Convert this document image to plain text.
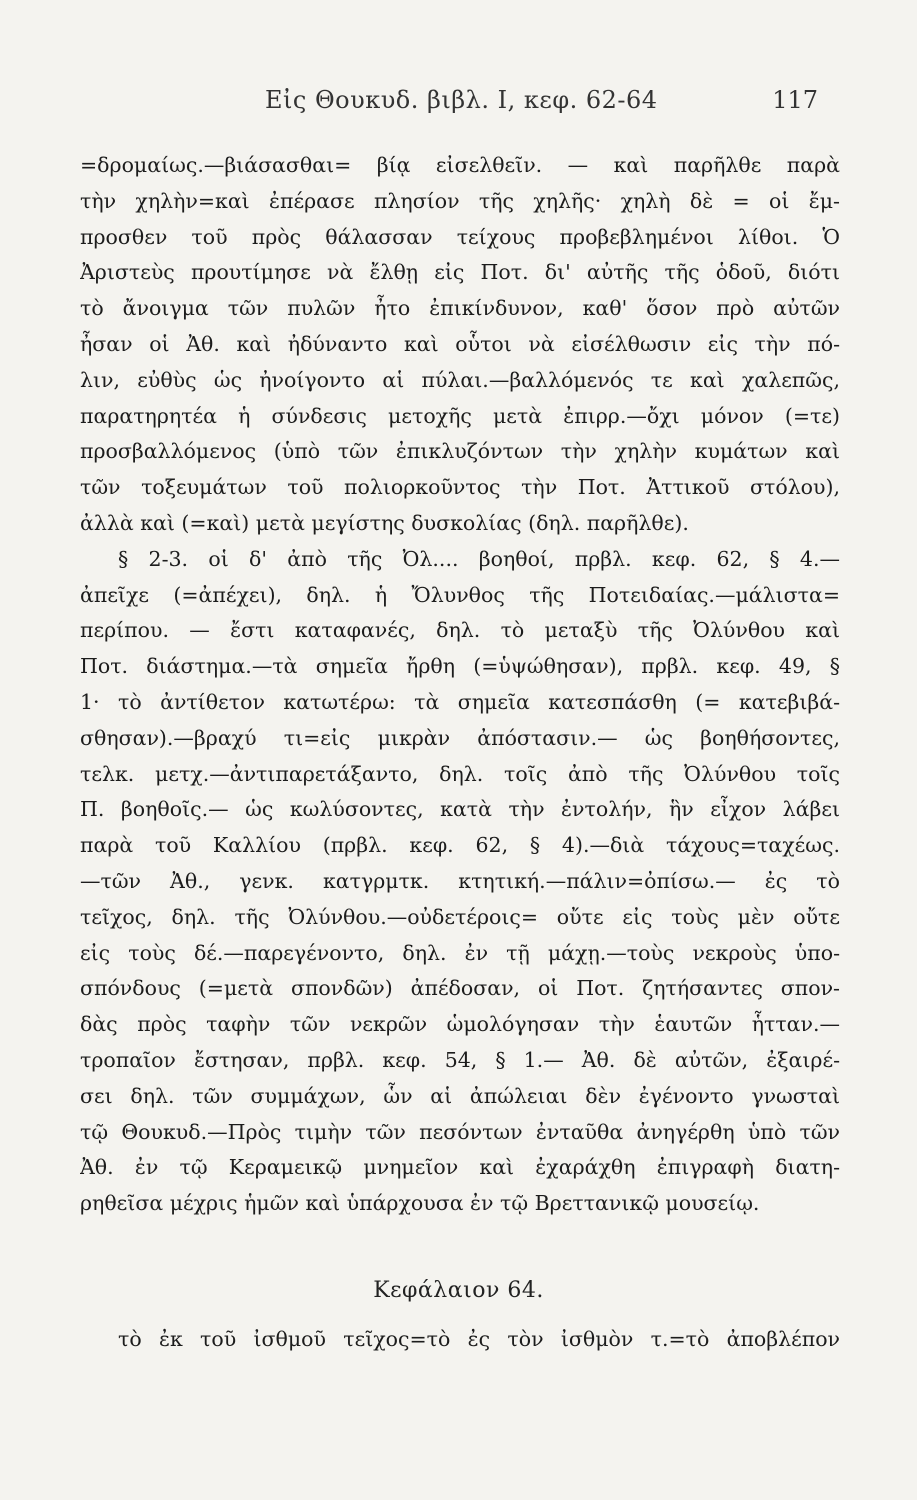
Εἰς Θουκυδ. βιβλ. Ι, κεφ. 62-64	117
=δρομαίως.—βιάσασθαι= βίᾳ εἰσελθεῖν. — καὶ παρῆλθε παρὰ
τὴν χηλὴν=καὶ ἐπέρασε πλησίον τῆς χηλῆς· χηλὴ δὲ = οἱ ἔμ-
προσθεν τοῦ πρὸς θάλασσαν τείχους προβεβλημένοι λίθοι. Ὁ
Ἀριστεὺς προυτίμησε νὰ ἔλθῃ εἰς Ποτ. δι' αὐτῆς τῆς ὁδοῦ, διότι
τὸ ἄνοιγμα τῶν πυλῶν ἦτο ἐπικίνδυνον, καθ' ὅσον πρὸ αὐτῶν
ἦσαν οἱ Ἀθ. καὶ ἠδύναντο καὶ οὗτοι νὰ εἰσέλθωσιν εἰς τὴν πό-
λιν, εὐθὺς ὡς ἠνοίγοντο αἱ πύλαι.—βαλλόμενός τε καὶ χαλεπῶς,
παρατηρητέα ἡ σύνδεσις μετοχῆς μετὰ ἐπιρρ.—ὄχι μόνον (=τε)
προσβαλλόμενος (ὑπὸ τῶν ἐπικλυζόντων τὴν χηλὴν κυμάτων καὶ
τῶν τοξευμάτων τοῦ πολιορκοῦντος τὴν Ποτ. Ἀττικοῦ στόλου),
ἀλλὰ καὶ (=καὶ) μετὰ μεγίστης δυσκολίας (δηλ. παρῆλθε).
§ 2-3. οἱ δ' ἀπὸ τῆς Ὀλ.... βοηθοί, πρβλ. κεφ. 62, § 4.—
ἀπεῖχε (=ἀπέχει), δηλ. ἡ Ὄλυνθος τῆς Ποτειδαίας.—μάλιστα=
περίπου. — ἔστι καταφανές, δηλ. τὸ μεταξὺ τῆς Ὀλύνθου καὶ
Ποτ. διάστημα.—τὰ σημεῖα ἤρθη (=ὑψώθησαν), πρβλ. κεφ. 49, §
1· τὸ ἀντίθετον κατωτέρω: τὰ σημεῖα κατεσπάσθη (= κατεβιβά-
σθησαν).—βραχύ τι=εἰς μικρὰν ἀπόστασιν.— ὡς βοηθήσοντες,
τελκ. μετχ.—ἀντιπαρετάξαντο, δηλ. τοῖς ἀπὸ τῆς Ὀλύνθου τοῖς
Π. βοηθοῖς.— ὡς κωλύσοντες, κατὰ τὴν ἐντολήν, ἣν εἶχον λάβει
παρὰ τοῦ Καλλίου (πρβλ. κεφ. 62, § 4).—διὰ τάχους=ταχέως.
—τῶν Ἀθ., γενκ. κατγρμτκ. κτητική.—πάλιν=ὀπίσω.— ἐς τὸ
τεῖχος, δηλ. τῆς Ὀλύνθου.—οὐδετέροις= οὔτε εἰς τοὺς μὲν οὔτε
εἰς τοὺς δέ.—παρεγένοντο, δηλ. ἐν τῇ μάχῃ.—τοὺς νεκροὺς ὑπο-
σπόνδους (=μετὰ σπονδῶν) ἀπέδοσαν, οἱ Ποτ. ζητήσαντες σπον-
δὰς πρὸς ταφὴν τῶν νεκρῶν ὡμολόγησαν τὴν ἑαυτῶν ἧτταν.—
τροπαῖον ἔστησαν, πρβλ. κεφ. 54, § 1.— Ἀθ. δὲ αὐτῶν, ἐξαιρέ-
σει δηλ. τῶν συμμάχων, ὧν αἱ ἀπώλειαι δὲν ἐγένοντο γνωσταὶ
τῷ Θουκυδ.—Πρὸς τιμὴν τῶν πεσόντων ἐνταῦθα ἀνηγέρθη ὑπὸ τῶν
Ἀθ. ἐν τῷ Κεραμεικῷ μνημεῖον καὶ ἐχαράχθη ἐπιγραφὴ διατη-
ρηθεῖσα μέχρις ἡμῶν καὶ ὑπάρχουσα ἐν τῷ Βρεττανικῷ μουσείῳ.
Κεφάλαιον 64.
τὸ ἐκ τοῦ ἰσθμοῦ τεῖχος=τὸ ἐς τὸν ἰσθμὸν τ.=τὸ ἀποβλέπον
